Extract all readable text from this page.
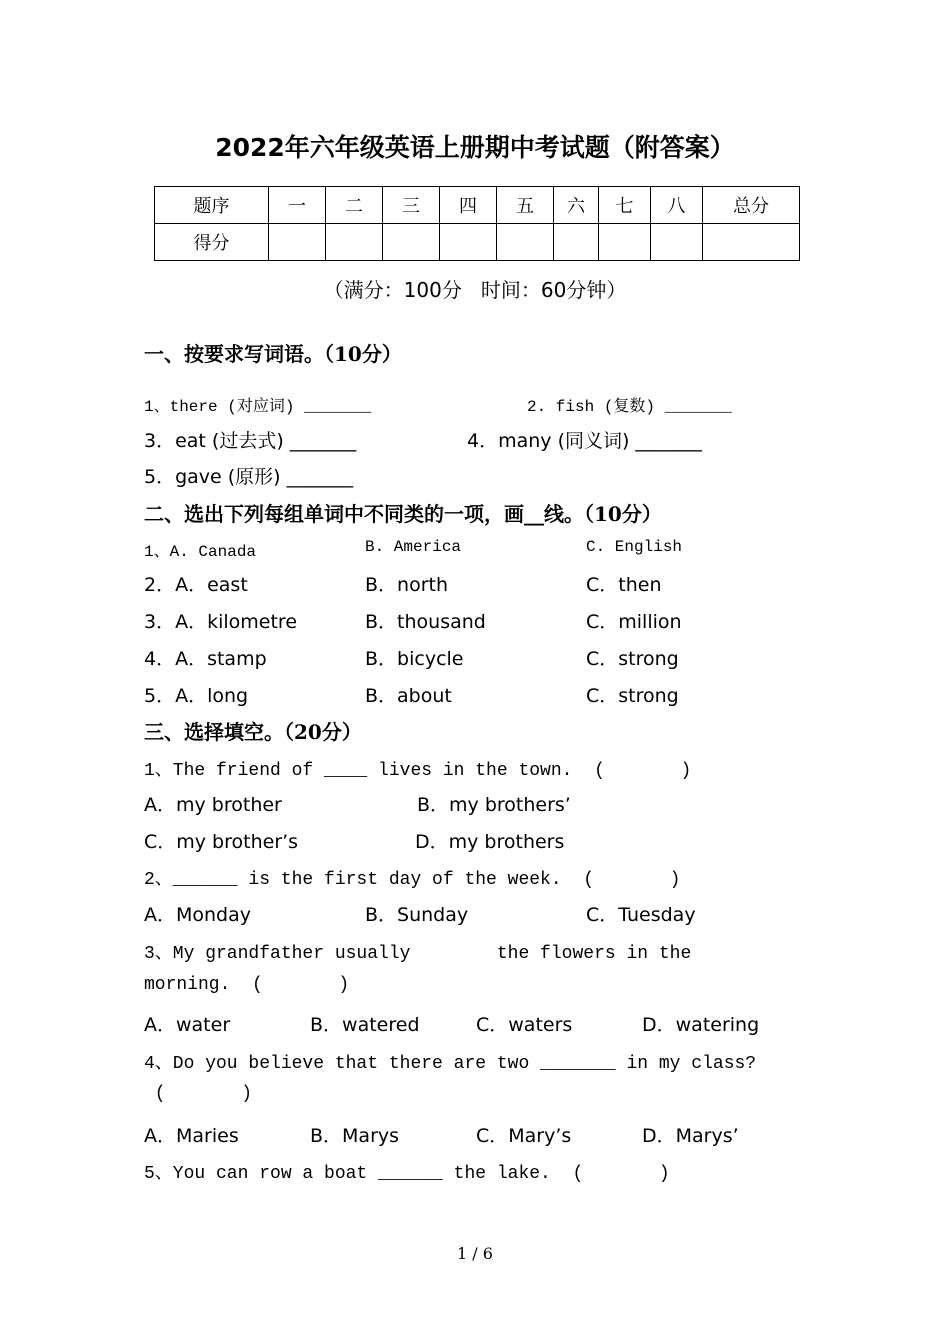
2022年六年级英语上册期中考试题（附答案）
题序	一	二	三	四	五	六	七	八	总分
得分									
（满分：100分   时间：60分钟）
一、按要求写词语。（10分）
1、there (对应词) _______	2. fish (复数) _______
3．eat (过去式) _______	4．many (同义词) _______
5．gave (原形) _______
二、选出下列每组单词中不同类的一项，画__线。（10分）
1、A. Canada	B. America	C. English
2．A．east	B．north	C．then
3．A．kilometre	B．thousand	C．million
4．A．stamp	B．bicycle	C．strong
5．A．long	B．about	C．strong
三、选择填空。（20分）
1、The friend of ____ lives in the town.  (       )
A．my brother	B．my brothers’
C．my brother’s	D．my brothers
2、______ is the first day of the week.  (       )
A．Monday	B．Sunday	C．Tuesday
3、My grandfather usually        the flowers in the
morning.  (       )
A．water	B．watered	C．waters	D．watering
4、Do you believe that there are two _______ in my class?
(       )
A．Maries	B．Marys	C．Mary’s	D．Marys’
5、You can row a boat ______ the lake.  (       )
1 / 6
